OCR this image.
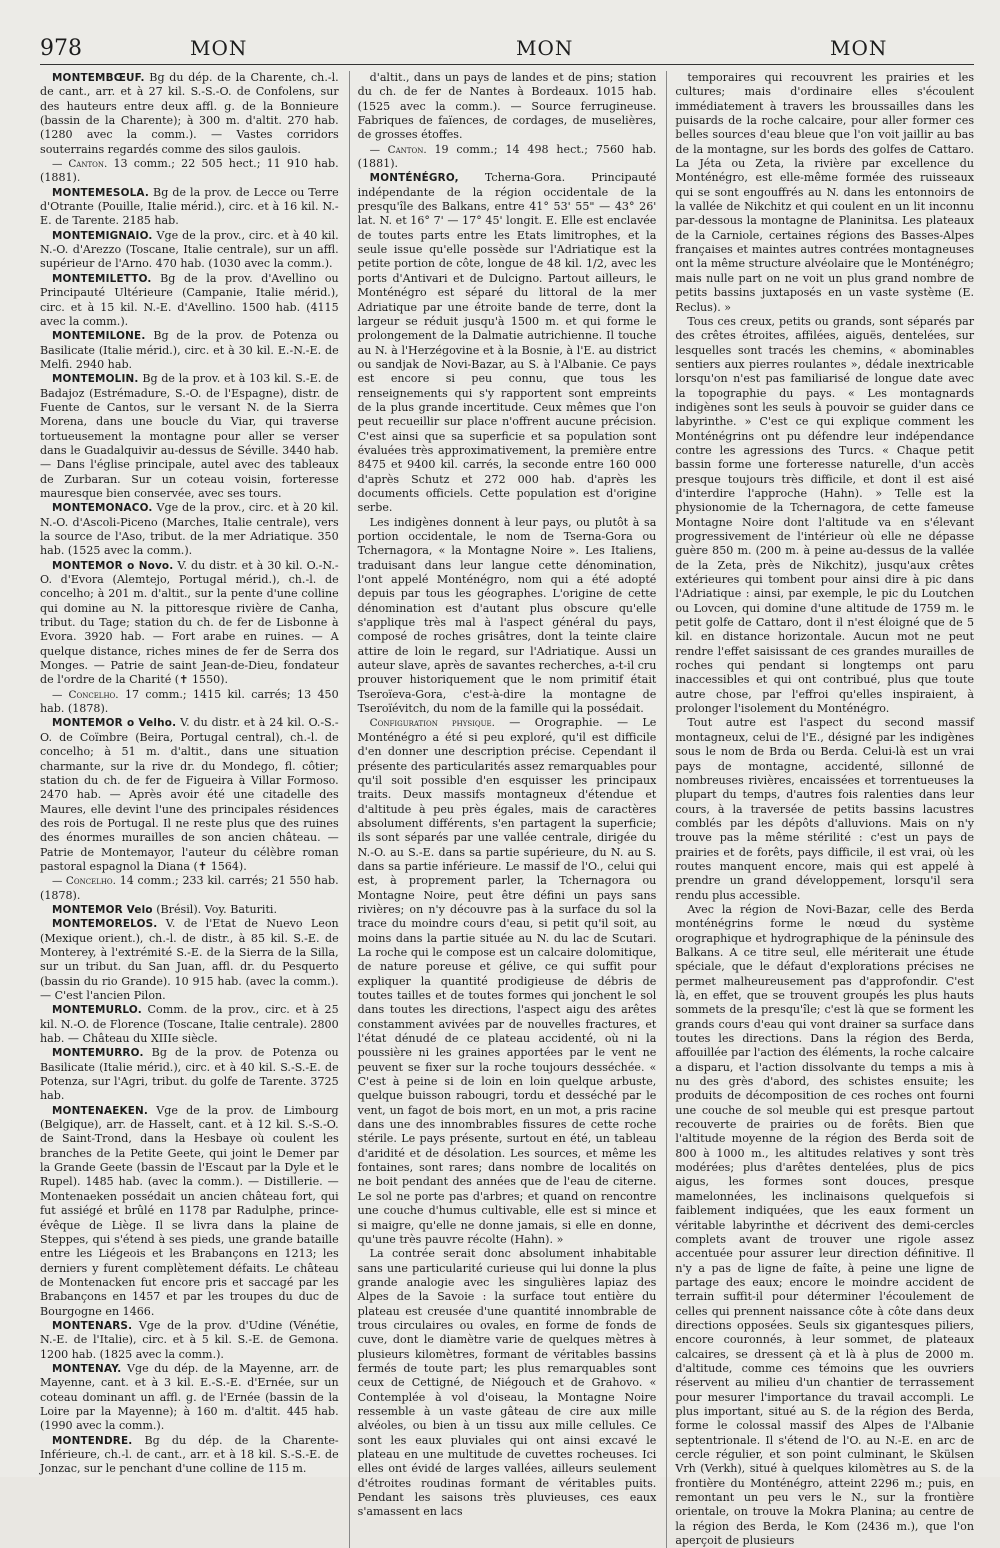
978	MON	MON	MON

MONTEMBŒUF. Bg du dép. de la Charente, ch.-l. de cant., arr. et à 27 kil. S.-S.-O. de Confolens, sur des hauteurs entre deux affl. g. de la Bonnieure (bassin de la Charente); à 300 m. d'altit. 270 hab. (1280 avec la comm.). — Vastes corridors souterrains regardés comme des silos gaulois.

— Canton. 13 comm.; 22 505 hect.; 11 910 hab. (1881).

MONTEMESOLA. Bg de la prov. de Lecce ou Terre d'Otrante (Pouille, Italie mérid.), circ. et à 16 kil. N.-E. de Tarente. 2185 hab.

MONTEMIGNAIO. Vge de la prov., circ. et à 40 kil. N.-O. d'Arezzo (Toscane, Italie centrale), sur un affl. supérieur de l'Arno. 470 hab. (1030 avec la comm.).

MONTEMILETTO. Bg de la prov. d'Avellino ou Principauté Ultérieure (Campanie, Italie mérid.), circ. et à 15 kil. N.-E. d'Avellino. 1500 hab. (4115 avec la comm.).

MONTEMILONE. Bg de la prov. de Potenza ou Basilicate (Italie mérid.), circ. et à 30 kil. E.-N.-E. de Melfi. 2940 hab.

MONTEMOLIN. Bg de la prov. et à 103 kil. S.-E. de Badajoz (Estrémadure, S.-O. de l'Espagne), distr. de Fuente de Cantos, sur le versant N. de la Sierra Morena, dans une boucle du Viar, qui traverse tortueusement la montagne pour aller se verser dans le Guadalquivir au-dessus de Séville. 3440 hab. — Dans l'église principale, autel avec des tableaux de Zurbaran. Sur un coteau voisin, forteresse mauresque bien conservée, avec ses tours.

MONTEMONACO. Vge de la prov., circ. et à 20 kil. N.-O. d'Ascoli-Piceno (Marches, Italie centrale), vers la source de l'Aso, tribut. de la mer Adriatique. 350 hab. (1525 avec la comm.).

MONTEMOR o Novo. V. du distr. et à 30 kil. O.-N.-O. d'Evora (Alemtejo, Portugal mérid.), ch.-l. de concelho; à 201 m. d'altit., sur la pente d'une colline qui domine au N. la pittoresque rivière de Canha, tribut. du Tage; station du ch. de fer de Lisbonne à Evora. 3920 hab. — Fort arabe en ruines. — A quelque distance, riches mines de fer de Serra dos Monges. — Patrie de saint Jean-de-Dieu, fondateur de l'ordre de la Charité (✝ 1550).

— Concelho. 17 comm.; 1415 kil. carrés; 13 450 hab. (1878).

MONTEMOR o Velho. V. du distr. et à 24 kil. O.-S.-O. de Coïmbre (Beira, Portugal central), ch.-l. de concelho; à 51 m. d'altit., dans une situation charmante, sur la rive dr. du Mondego, fl. côtier; station du ch. de fer de Figueira à Villar Formoso. 2470 hab. — Après avoir été une citadelle des Maures, elle devint l'une des principales résidences des rois de Portugal. Il ne reste plus que des ruines des énormes murailles de son ancien château. — Patrie de Montemayor, l'auteur du célèbre roman pastoral espagnol la Diana (✝ 1564).

— Concelho. 14 comm.; 233 kil. carrés; 21 550 hab. (1878).

MONTEMOR Velo (Brésil). Voy. Baturiti.

MONTEMORELOS. V. de l'Etat de Nuevo Leon (Mexique orient.), ch.-l. de distr., à 85 kil. S.-E. de Monterey, à l'extrémité S.-E. de la Sierra de la Silla, sur un tribut. du San Juan, affl. dr. du Pesquerto (bassin du rio Grande). 10 915 hab. (avec la comm.). — C'est l'ancien Pilon.

MONTEMURLO. Comm. de la prov., circ. et à 25 kil. N.-O. de Florence (Toscane, Italie centrale). 2800 hab. — Château du XIIIe siècle.

MONTEMURRO. Bg de la prov. de Potenza ou Basilicate (Italie mérid.), circ. et à 40 kil. S.-S.-E. de Potenza, sur l'Agri, tribut. du golfe de Tarente. 3725 hab.

MONTENAEKEN. Vge de la prov. de Limbourg (Belgique), arr. de Hasselt, cant. et à 12 kil. S.-S.-O. de Saint-Trond, dans la Hesbaye où coulent les branches de la Petite Geete, qui joint le Demer par la Grande Geete (bassin de l'Escaut par la Dyle et le Rupel). 1485 hab. (avec la comm.). — Distillerie. — Montenaeken possédait un ancien château fort, qui fut assiégé et brûlé en 1178 par Radulphe, prince-évêque de Liège. Il se livra dans la plaine de Steppes, qui s'étend à ses pieds, une grande bataille entre les Liégeois et les Brabançons en 1213; les derniers y furent complètement défaits. Le château de Montenacken fut encore pris et saccagé par les Brabançons en 1457 et par les troupes du duc de Bourgogne en 1466.

MONTENARS. Vge de la prov. d'Udine (Vénétie, N.-E. de l'Italie), circ. et à 5 kil. S.-E. de Gemona. 1200 hab. (1825 avec la comm.).

MONTENAY. Vge du dép. de la Mayenne, arr. de Mayenne, cant. et à 3 kil. E.-S.-E. d'Ernée, sur un coteau dominant un affl. g. de l'Ernée (bassin de la Loire par la Mayenne); à 160 m. d'altit. 445 hab. (1990 avec la comm.).

MONTENDRE. Bg du dép. de la Charente-Inférieure, ch.-l. de cant., arr. et à 18 kil. S.-S.-E. de Jonzac, sur le penchant d'une colline de 115 m.

d'altit., dans un pays de landes et de pins; station du ch. de fer de Nantes à Bordeaux. 1015 hab. (1525 avec la comm.). — Source ferrugineuse. Fabriques de faïences, de cordages, de muselières, de grosses étoffes.

— Canton. 19 comm.; 14 498 hect.; 7560 hab. (1881).

MONTÉNÉGRO, Tcherna-Gora. Principauté indépendante de la région occidentale de la presqu'île des Balkans, entre 41° 53' 55" — 43° 26' lat. N. et 16° 7' — 17° 45' longit. E. Elle est enclavée de toutes parts entre les Etats limitrophes, et la seule issue qu'elle possède sur l'Adriatique est la petite portion de côte, longue de 48 kil. 1/2, avec les ports d'Antivari et de Dulcigno. Partout ailleurs, le Monténégro est séparé du littoral de la mer Adriatique par une étroite bande de terre, dont la largeur se réduit jusqu'à 1500 m. et qui forme le prolongement de la Dalmatie autrichienne. Il touche au N. à l'Herzégovine et à la Bosnie, à l'E. au district ou sandjak de Novi-Bazar, au S. à l'Albanie. Ce pays est encore si peu connu, que tous les renseignements qui s'y rapportent sont empreints de la plus grande incertitude. Ceux mêmes que l'on peut recueillir sur place n'offrent aucune précision. C'est ainsi que sa superficie et sa population sont évaluées très approximativement, la première entre 8475 et 9400 kil. carrés, la seconde entre 160 000 d'après Schutz et 272 000 hab. d'après les documents officiels. Cette population est d'origine serbe.

Les indigènes donnent à leur pays, ou plutôt à sa portion occidentale, le nom de Tserna-Gora ou Tchernagora, « la Montagne Noire ». Les Italiens, traduisant dans leur langue cette dénomination, l'ont appelé Monténégro, nom qui a été adopté depuis par tous les géographes. L'origine de cette dénomination est d'autant plus obscure qu'elle s'applique très mal à l'aspect général du pays, composé de roches grisâtres, dont la teinte claire attire de loin le regard, sur l'Adriatique. Aussi un auteur slave, après de savantes recherches, a-t-il cru prouver historiquement que le nom primitif était Tseroïeva-Gora, c'est-à-dire la montagne de Tseroïévitch, du nom de la famille qui la possédait.

Configuration physique. — Orographie. — Le Monténégro a été si peu exploré, qu'il est difficile d'en donner une description précise. Cependant il présente des particularités assez remarquables pour qu'il soit possible d'en esquisser les principaux traits. Deux massifs montagneux d'étendue et d'altitude à peu près égales, mais de caractères absolument différents, s'en partagent la superficie; ils sont séparés par une vallée centrale, dirigée du N.-O. au S.-E. dans sa partie supérieure, du N. au S. dans sa partie inférieure. Le massif de l'O., celui qui est, à proprement parler, la Tchernagora ou Montagne Noire, peut être défini un pays sans rivières; on n'y découvre pas à la surface du sol la trace du moindre cours d'eau, si petit qu'il soit, au moins dans la partie située au N. du lac de Scutari. La roche qui le compose est un calcaire dolomitique, de nature poreuse et gélive, ce qui suffit pour expliquer la quantité prodigieuse de débris de toutes tailles et de toutes formes qui jonchent le sol dans toutes les directions, l'aspect aigu des arêtes constamment avivées par de nouvelles fractures, et l'état dénudé de ce plateau accidenté, où ni la poussière ni les graines apportées par le vent ne peuvent se fixer sur la roche toujours desséchée. « C'est à peine si de loin en loin quelque arbuste, quelque buisson rabougri, tordu et desséché par le vent, un fagot de bois mort, en un mot, a pris racine dans une des innombrables fissures de cette roche stérile. Le pays présente, surtout en été, un tableau d'aridité et de désolation. Les sources, et même les fontaines, sont rares; dans nombre de localités on ne boit pendant des années que de l'eau de citerne. Le sol ne porte pas d'arbres; et quand on rencontre une couche d'humus cultivable, elle est si mince et si maigre, qu'elle ne donne jamais, si elle en donne, qu'une très pauvre récolte (Hahn). »

La contrée serait donc absolument inhabitable sans une particularité curieuse qui lui donne la plus grande analogie avec les singulières lapiaz des Alpes de la Savoie : la surface tout entière du plateau est creusée d'une quantité innombrable de trous circulaires ou ovales, en forme de fonds de cuve, dont le diamètre varie de quelques mètres à plusieurs kilomètres, formant de véritables bassins fermés de toute part; les plus remarquables sont ceux de Cettigné, de Niégouch et de Grahovo. « Contemplée à vol d'oiseau, la Montagne Noire ressemble à un vaste gâteau de cire aux mille alvéoles, ou bien à un tissu aux mille cellules. Ce sont les eaux pluviales qui ont ainsi excavé le plateau en une multitude de cuvettes rocheuses. Ici elles ont évidé de larges vallées, ailleurs seulement d'étroites roudinas formant de véritables puits. Pendant les saisons très pluvieuses, ces eaux s'amassent en lacs

temporaires qui recouvrent les prairies et les cultures; mais d'ordinaire elles s'écoulent immédiatement à travers les broussailles dans les puisards de la roche calcaire, pour aller former ces belles sources d'eau bleue que l'on voit jaillir au bas de la montagne, sur les bords des golfes de Cattaro. La Jéta ou Zeta, la rivière par excellence du Monténégro, est elle-même formée des ruisseaux qui se sont engouffrés au N. dans les entonnoirs de la vallée de Nikchitz et qui coulent en un lit inconnu par-dessous la montagne de Planinitsa. Les plateaux de la Carniole, certaines régions des Basses-Alpes françaises et maintes autres contrées montagneuses ont la même structure alvéolaire que le Monténégro; mais nulle part on ne voit un plus grand nombre de petits bassins juxtaposés en un vaste système (E. Reclus). »

Tous ces creux, petits ou grands, sont séparés par des crêtes étroites, affilées, aiguës, dentelées, sur lesquelles sont tracés les chemins, « abominables sentiers aux pierres roulantes », dédale inextricable lorsqu'on n'est pas familiarisé de longue date avec la topographie du pays. « Les montagnards indigènes sont les seuls à pouvoir se guider dans ce labyrinthe. » C'est ce qui explique comment les Monténégrins ont pu défendre leur indépendance contre les agressions des Turcs. « Chaque petit bassin forme une forteresse naturelle, d'un accès presque toujours très difficile, et dont il est aisé d'interdire l'approche (Hahn). » Telle est la physionomie de la Tchernagora, de cette fameuse Montagne Noire dont l'altitude va en s'élevant progressivement de l'intérieur où elle ne dépasse guère 850 m. (200 m. à peine au-dessus de la vallée de la Zeta, près de Nikchitz), jusqu'aux crêtes extérieures qui tombent pour ainsi dire à pic dans l'Adriatique : ainsi, par exemple, le pic du Loutchen ou Lovcen, qui domine d'une altitude de 1759 m. le petit golfe de Cattaro, dont il n'est éloigné que de 5 kil. en distance horizontale. Aucun mot ne peut rendre l'effet saisissant de ces grandes murailles de roches qui pendant si longtemps ont paru inaccessibles et qui ont contribué, plus que toute autre chose, par l'effroi qu'elles inspiraient, à prolonger l'isolement du Monténégro.

Tout autre est l'aspect du second massif montagneux, celui de l'E., désigné par les indigènes sous le nom de Brda ou Berda. Celui-là est un vrai pays de montagne, accidenté, sillonné de nombreuses rivières, encaissées et torrentueuses la plupart du temps, d'autres fois ralenties dans leur cours, à la traversée de petits bassins lacustres comblés par les dépôts d'alluvions. Mais on n'y trouve pas la même stérilité : c'est un pays de prairies et de forêts, pays difficile, il est vrai, où les routes manquent encore, mais qui est appelé à prendre un grand développement, lorsqu'il sera rendu plus accessible.

Avec la région de Novi-Bazar, celle des Berda monténégrins forme le nœud du système orographique et hydrographique de la péninsule des Balkans. A ce titre seul, elle mériterait une étude spéciale, que le défaut d'explorations précises ne permet malheureusement pas d'approfondir. C'est là, en effet, que se trouvent groupés les plus hauts sommets de la presqu'île; c'est là que se forment les grands cours d'eau qui vont drainer sa surface dans toutes les directions. Dans la région des Berda, affouillée par l'action des éléments, la roche calcaire a disparu, et l'action dissolvante du temps a mis à nu des grès d'abord, des schistes ensuite; les produits de décomposition de ces roches ont fourni une couche de sol meuble qui est presque partout recouverte de prairies ou de forêts. Bien que l'altitude moyenne de la région des Berda soit de 800 à 1000 m., les altitudes relatives y sont très modérées; plus d'arêtes dentelées, plus de pics aigus, les formes sont douces, presque mamelonnées, les inclinaisons quelquefois si faiblement indiquées, que les eaux forment un véritable labyrinthe et décrivent des demi-cercles complets avant de trouver une rigole assez accentuée pour assurer leur direction définitive. Il n'y a pas de ligne de faîte, à peine une ligne de partage des eaux; encore le moindre accident de terrain suffit-il pour déterminer l'écoulement de celles qui prennent naissance côte à côte dans deux directions opposées. Seuls six gigantesques piliers, encore couronnés, à leur sommet, de plateaux calcaires, se dressent çà et là à plus de 2000 m. d'altitude, comme ces témoins que les ouvriers réservent au milieu d'un chantier de terrassement pour mesurer l'importance du travail accompli. Le plus important, situé au S. de la région des Berda, forme le colossal massif des Alpes de l'Albanie septentrionale. Il s'étend de l'O. au N.-E. en arc de cercle régulier, et son point culminant, le Skülsen Vrh (Verkh), situé à quelques kilomètres au S. de la frontière du Monténégro, atteint 2296 m.; puis, en remontant un peu vers le N., sur la frontière orientale, on trouve la Mokra Planina; au centre de la région des Berda, le Kom (2436 m.), que l'on aperçoit de plusieurs
